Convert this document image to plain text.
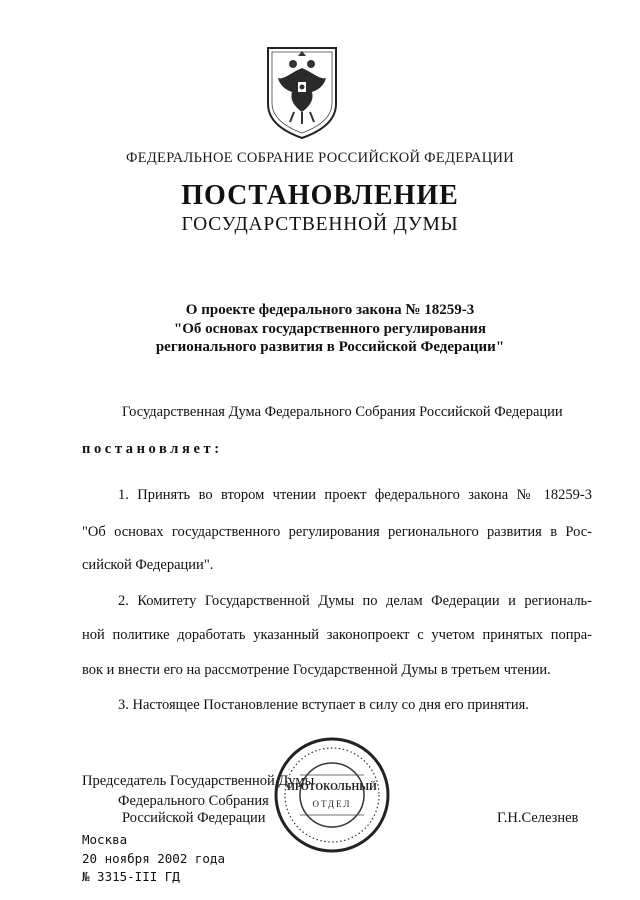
ФЕДЕРАЛЬНОЕ СОБРАНИЕ РОССИЙСКОЙ ФЕДЕРАЦИИ
ПОСТАНОВЛЕНИЕ
ГОСУДАРСТВЕННОЙ ДУМЫ
О проекте федерального закона № 18259-3
"Об основах государственного регулирования
регионального развития в Российской Федерации"
Государственная Дума Федерального Собрания Российской Федерации
постановляет:
1. Принять во втором чтении проект федерального закона № 18259-3
"Об основах государственного регулирования регионального развития в Рос-
сийской Федерации".
2. Комитету Государственной Думы по делам Федерации и региональ-
ной политике доработать указанный законопроект с учетом принятых попра-
вок и внести его на рассмотрение Государственной Думы в третьем чтении.
3. Настоящее Постановление вступает в силу со дня его принятия.
Председатель Государственной Думы
Федерального Собрания
Российской Федерации	Г.Н.Селезнев
Москва
20 ноября 2002 года
№ 3315-III ГД
ПРОТОКОЛЬНЫЙ
ОТДЕЛ
